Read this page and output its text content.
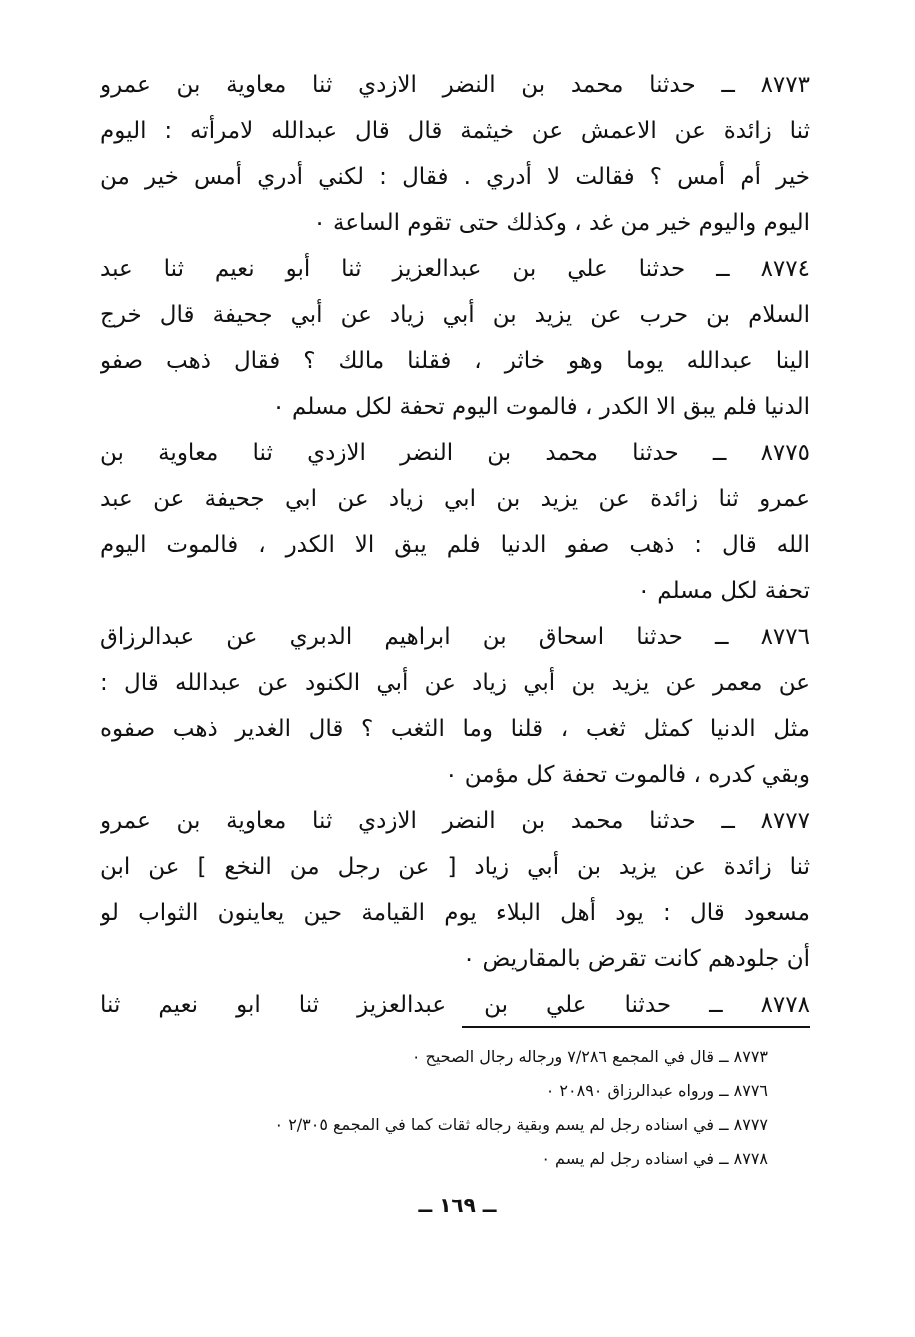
٨٧٧٣ ــ حدثنا محمد بن النضر الازدي ثنا معاوية بن عمرو
ثنا زائدة عن الاعمش عن خيثمة قال قال عبدالله لامرأته : اليوم
خير أم أمس ؟ فقالت لا أدري . فقال : لكني أدري أمس خير من
اليوم واليوم خير من غد ، وكذلك حتى تقوم الساعة ٠
٨٧٧٤ ــ حدثنا علي بن عبدالعزيز ثنا أبو نعيم ثنا عبد
السلام بن حرب عن يزيد بن أبي زياد عن أبي جحيفة قال خرج
الينا عبدالله يوما وهو خاثر ، فقلنا مالك ؟ فقال ذهب صفو
الدنيا فلم يبق الا الكدر ، فالموت اليوم تحفة لكل مسلم ٠
٨٧٧٥ ــ حدثنا محمد بن النضر الازدي ثنا معاوية بن
عمرو ثنا زائدة عن يزيد بن ابي زياد عن ابي جحيفة عن عبد
الله قال : ذهب صفو الدنيا فلم يبق الا الكدر ، فالموت اليوم
تحفة لكل مسلم ٠
٨٧٧٦ ــ حدثنا اسحاق بن ابراهيم الدبري عن عبدالرزاق
عن معمر عن يزيد بن أبي زياد عن أبي الكنود عن عبدالله قال :
مثل الدنيا كمثل ثغب ، قلنا وما الثغب ؟ قال الغدير ذهب صفوه
وبقي كدره ، فالموت تحفة كل مؤمن ٠
٨٧٧٧ ــ حدثنا محمد بن النضر الازدي ثنا معاوية بن عمرو
ثنا زائدة عن يزيد بن أبي زياد [ عن رجل من النخع ] عن ابن
مسعود قال : يود أهل البلاء يوم القيامة حين يعاينون الثواب لو
أن جلودهم كانت تقرض بالمقاريض ٠
٨٧٧٨ ــ حدثنا علي بن عبدالعزيز ثنا ابو نعيم ثنا
٨٧٧٣ ــ قال في المجمع ٧/٢٨٦ ورجاله رجال الصحيح ٠
٨٧٧٦ ــ ورواه عبدالرزاق ٢٠٨٩٠ ٠
٨٧٧٧ ــ في اسناده رجل لم يسم وبقية رجاله ثقات كما في المجمع ٢/٣٠٥ ٠
٨٧٧٨ ــ في اسناده رجل لم يسم ٠
ــ ١٦٩ ــ
